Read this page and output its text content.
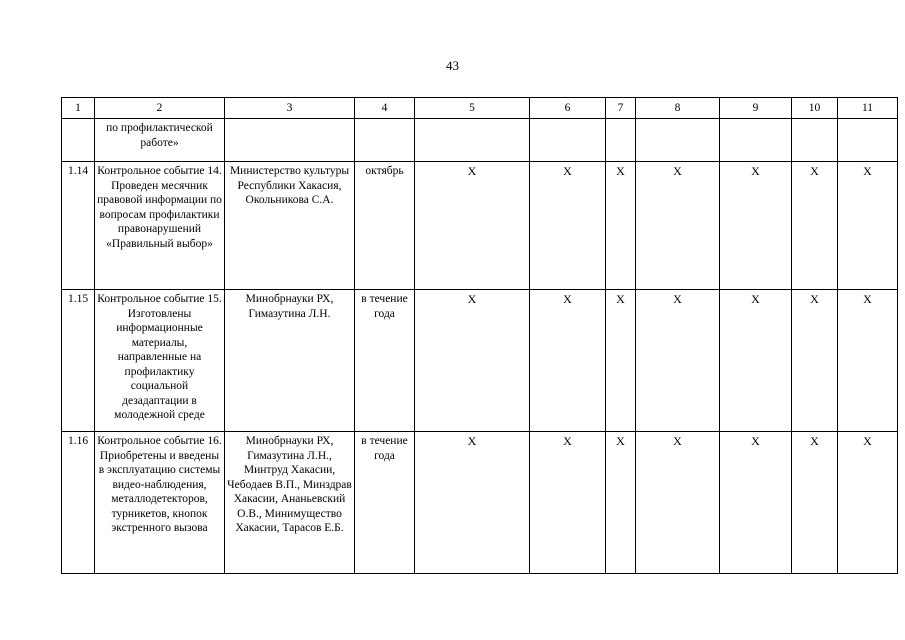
43
1	2	3	4	5	6	7	8	9	10	11
	по профилактической работе»									
1.14	Контрольное событие 14. Проведен месячник правовой информации по вопросам профилактики правонарушений «Правильный выбор»	Министерство культуры Республики Хакасия, Окольникова С.А.	октябрь	Х	Х	Х	Х	Х	Х	Х
1.15	Контрольное событие 15. Изготовлены информационные материалы, направленные на профилактику социальной дезадаптации в молодежной среде	Минобрнауки РХ, Гимазутина Л.Н.	в течение года	Х	Х	Х	Х	Х	Х	Х
1.16	Контрольное событие 16. Приобретены и введены в эксплуатацию системы видео-наблюдения, металлодетекторов, турникетов, кнопок экстренного вызова	Минобрнауки РХ, Гимазутина Л.Н., Минтруд Хакасии, Чебодаев В.П., Минздрав Хакасии, Ананьевский О.В., Минимущество Хакасии, Тарасов Е.Б.	в течение года	Х	Х	Х	Х	Х	Х	Х
